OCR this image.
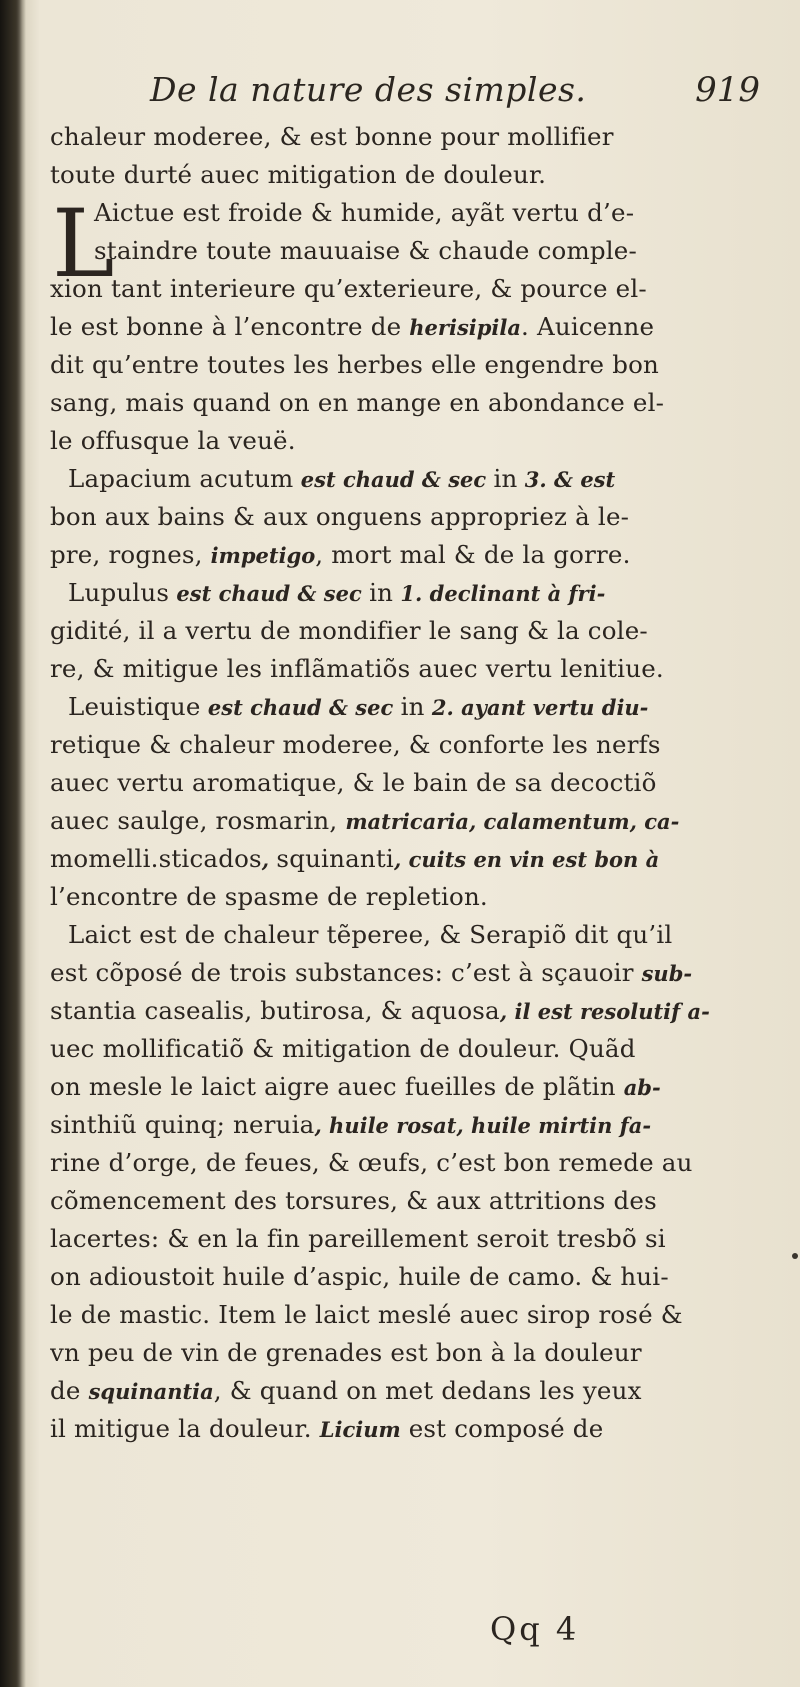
De la nature des simples.	919
L
chaleur moderee, & est bonne pour mollifier
toute durté auec mitigation de douleur.
Aictue est froide & humide, ayãt vertu d’e-
staindre toute mauuaise & chaude comple-
xion tant interieure qu’exterieure, & pource el-
le est bonne à l’encontre de herisipila. Auicenne
dit qu’entre toutes les herbes elle engendre bon
sang, mais quand on en mange en abondance el-
le offusque la veuë.
Lapacium acutum est chaud & sec in 3. & est
bon aux bains & aux onguens appropriez à le-
pre, rognes, impetigo, mort mal & de la gorre.
Lupulus est chaud & sec in 1. declinant à fri-
gidité, il a vertu de mondifier le sang & la cole-
re, & mitigue les inflãmatiõs auec vertu lenitiue.
Leuistique est chaud & sec in 2. ayant vertu diu-
retique & chaleur moderee, & conforte les nerfs
auec vertu aromatique, & le bain de sa decoctiõ
auec saulge, rosmarin, matricaria, calamentum, ca-
momelli.sticados, squinanti, cuits en vin est bon à
l’encontre de spasme de repletion.
Laict est de chaleur tẽperee, & Serapiõ dit qu’il
est cõposé de trois substances: c’est à sçauoir sub-
stantia casealis, butirosa, & aquosa, il est resolutif a-
uec mollificatiõ & mitigation de douleur. Quãd
on mesle le laict aigre auec fueilles de plãtin ab-
sinthiũ quinq; neruia, huile rosat, huile mirtin fa-
rine d’orge, de feues, & œufs, c’est bon remede au
cõmencement des torsures, & aux attritions des
lacertes: & en la fin pareillement seroit tresbõ si
on adioustoit huile d’aspic, huile de camo. & hui-
le de mastic. Item le laict meslé auec sirop rosé &
vn peu de vin de grenades est bon à la douleur
de squinantia, & quand on met dedans les yeux
il mitigue la douleur. Licium est composé de
Qq 4
